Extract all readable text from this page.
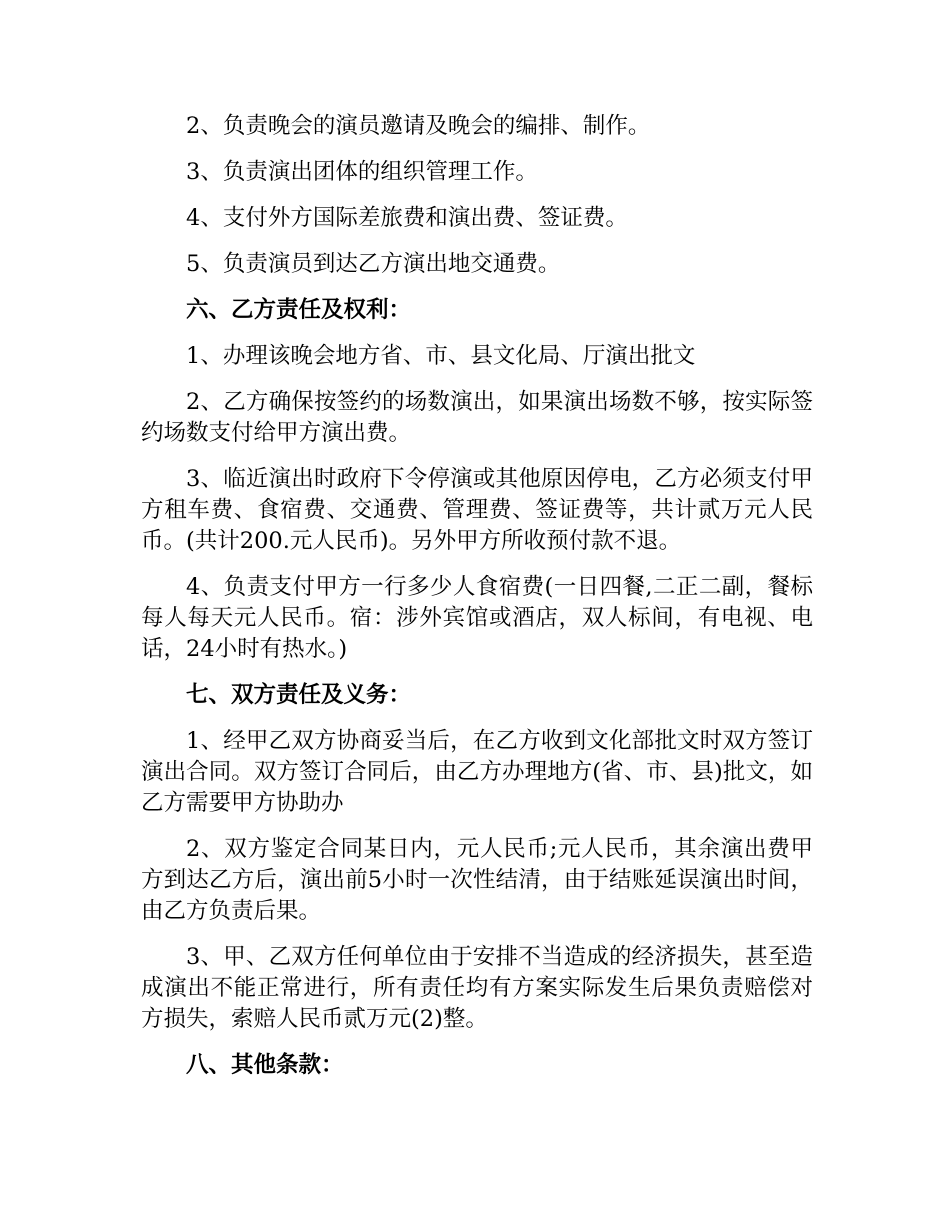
2、负责晚会的演员邀请及晚会的编排、制作。

3、负责演出团体的组织管理工作。

4、支付外方国际差旅费和演出费、签证费。

5、负责演员到达乙方演出地交通费。

六、乙方责任及权利：

1、办理该晚会地方省、市、县文化局、厅演出批文

2、乙方确保按签约的场数演出，如果演出场数不够，按实际签约场数支付给甲方演出费。

3、临近演出时政府下令停演或其他原因停电，乙方必须支付甲方租车费、食宿费、交通费、管理费、签证费等，共计贰万元人民币。(共计200.元人民币)。另外甲方所收预付款不退。

4、负责支付甲方一行多少人食宿费(一日四餐,二正二副，餐标每人每天元人民币。宿：涉外宾馆或酒店，双人标间，有电视、电话，24小时有热水。)

七、双方责任及义务：

1、经甲乙双方协商妥当后，在乙方收到文化部批文时双方签订演出合同。双方签订合同后，由乙方办理地方(省、市、县)批文，如乙方需要甲方协助办

2、双方鉴定合同某日内，元人民币;元人民币，其余演出费甲方到达乙方后，演出前5小时一次性结清，由于结账延误演出时间，由乙方负责后果。

3、甲、乙双方任何单位由于安排不当造成的经济损失，甚至造成演出不能正常进行，所有责任均有方案实际发生后果负责赔偿对方损失，索赔人民币贰万元(2)整。

八、其他条款：
